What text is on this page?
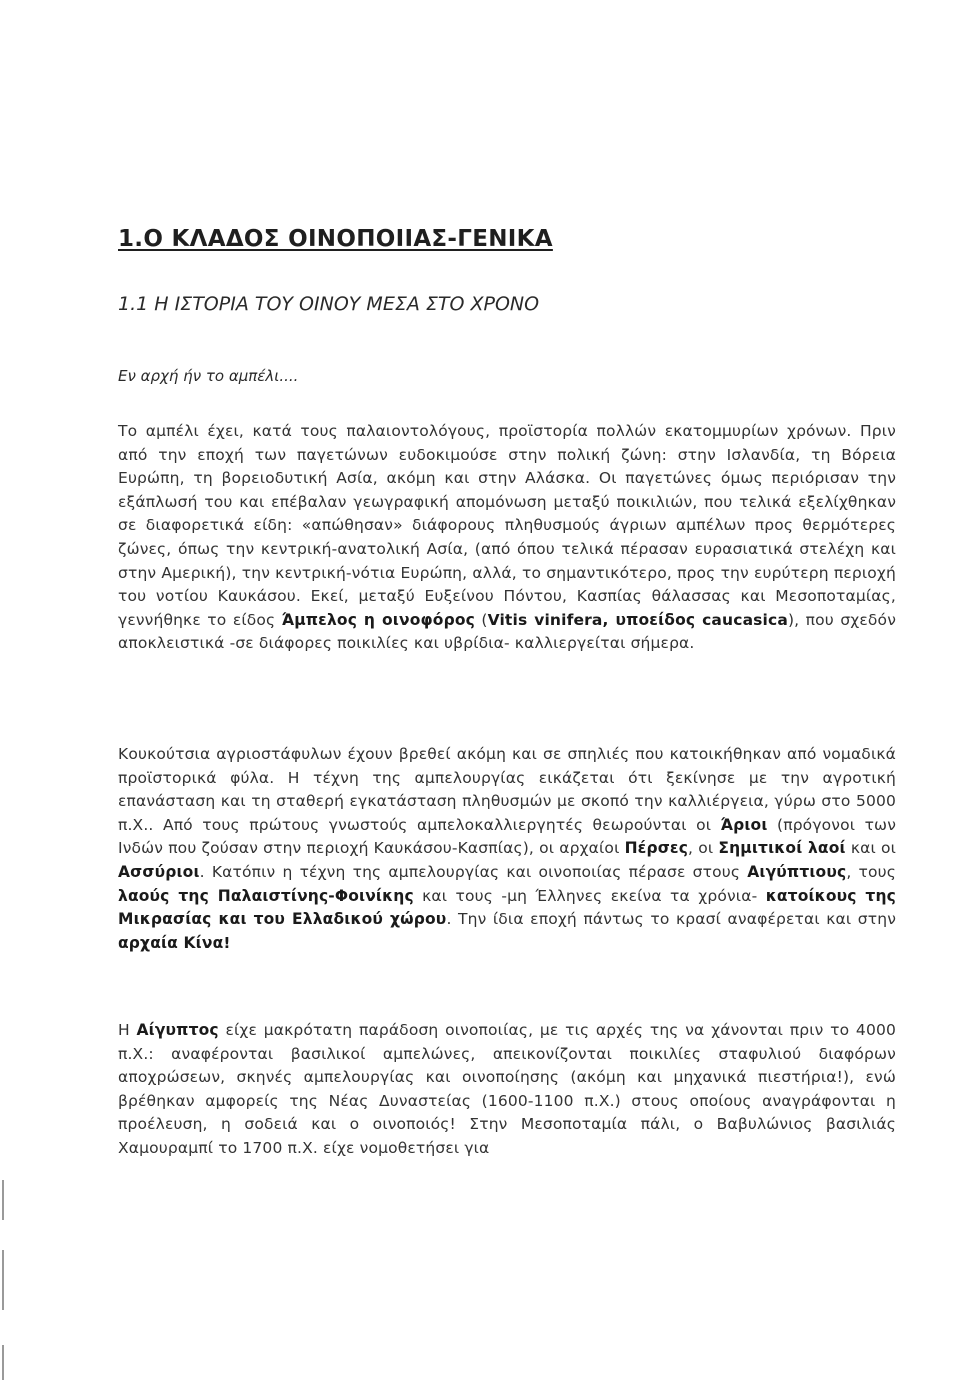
1.Ο ΚΛΑΔΟΣ ΟΙΝΟΠΟΙΙΑΣ-ΓΕΝΙΚΑ
1.1 Η ΙΣΤΟΡΙΑ ΤΟΥ ΟΙΝΟΥ ΜΕΣΑ ΣΤΟ ΧΡΟΝΟ

Εν αρχή ήν το αμπέλι....

Το αμπέλι έχει, κατά τους παλαιοντολόγους, προϊστορία πολλών εκατομμυρίων χρόνων. Πριν από την εποχή των παγετώνων ευδοκιμούσε στην πολική ζώνη: στην Ισλανδία, τη Βόρεια Ευρώπη, τη βορειοδυτική Ασία, ακόμη και στην Αλάσκα. Οι παγετώνες όμως περιόρισαν την εξάπλωσή του και επέβαλαν γεωγραφική απομόνωση μεταξύ ποικιλιών, που τελικά εξελίχθηκαν σε διαφορετικά είδη: «απώθησαν» διάφορους πληθυσμούς άγριων αμπέλων προς θερμότερες ζώνες, όπως την κεντρική-ανατολική Ασία, (από όπου τελικά πέρασαν ευρασιατικά στελέχη και στην Αμερική), την κεντρική-νότια Ευρώπη, αλλά, το σημαντικότερο, προς την ευρύτερη περιοχή του νοτίου Καυκάσου. Εκεί, μεταξύ Ευξείνου Πόντου, Κασπίας θάλασσας και Μεσοποταμίας, γεννήθηκε το είδος Άμπελος η οινοφόρος (Vitis vinifera, υποείδος caucasica), που σχεδόν αποκλειστικά -σε διάφορες ποικιλίες και υβρίδια- καλλιεργείται σήμερα.

Κουκούτσια αγριοστάφυλων έχουν βρεθεί ακόμη και σε σπηλιές που κατοικήθηκαν από νομαδικά προϊστορικά φύλα. Η τέχνη της αμπελουργίας εικάζεται ότι ξεκίνησε με την αγροτική επανάσταση και τη σταθερή εγκατάσταση πληθυσμών με σκοπό την καλλιέργεια, γύρω στο 5000 π.Χ.. Από τους πρώτους γνωστούς αμπελοκαλλιεργητές θεωρούνται οι Άριοι (πρόγονοι των Ινδών που ζούσαν στην περιοχή Καυκάσου-Κασπίας), οι αρχαίοι Πέρσες, οι Σημιτικοί λαοί και οι Ασσύριοι. Κατόπιν η τέχνη της αμπελουργίας και οινοποιίας πέρασε στους Αιγύπτιους, τους λαούς της Παλαιστίνης-Φοινίκης και τους -μη Έλληνες εκείνα τα χρόνια- κατοίκους της Μικρασίας και του Ελλαδικού χώρου. Την ίδια εποχή πάντως το κρασί αναφέρεται και στην αρχαία Κίνα!

Η Αίγυπτος είχε μακρότατη παράδοση οινοποιίας, με τις αρχές της να χάνονται πριν το 4000 π.Χ.: αναφέρονται βασιλικοί αμπελώνες, απεικονίζονται ποικιλίες σταφυλιού διαφόρων αποχρώσεων, σκηνές αμπελουργίας και οινοποίησης (ακόμη και μηχανικά πιεστήρια!), ενώ βρέθηκαν αμφορείς της Νέας Δυναστείας (1600-1100 π.Χ.) στους οποίους αναγράφονται η προέλευση, η σοδειά και ο οινοποιός! Στην Μεσοποταμία πάλι, ο Βαβυλώνιος βασιλιάς Χαμουραμπί το 1700 π.Χ. είχε νομοθετήσει για
